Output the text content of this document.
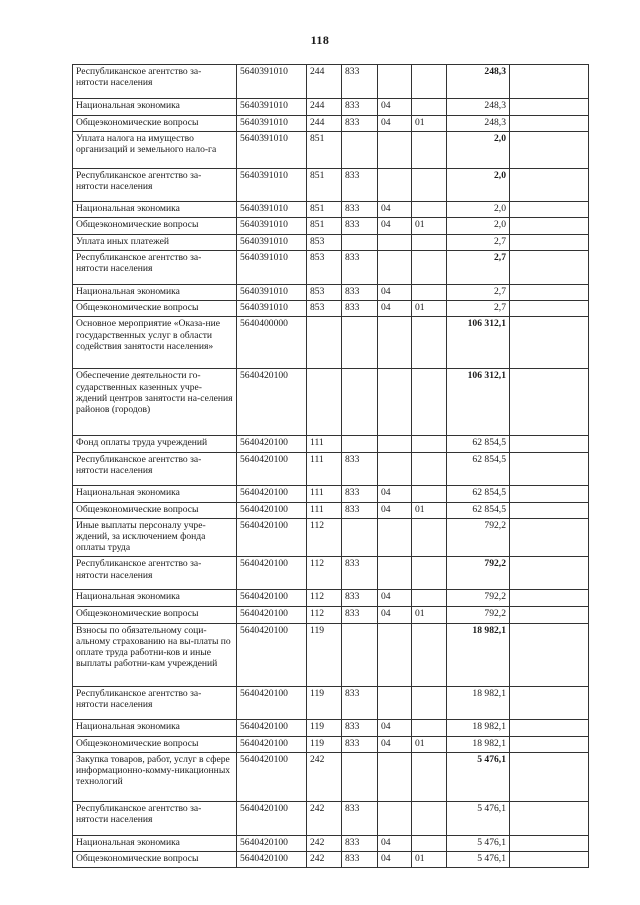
118
Республиканское агентство за-нятости населения	5640391010	244	833			248,3	
Национальная экономика	5640391010	244	833	04		248,3	
Общеэкономические вопросы	5640391010	244	833	04	01	248,3	
Уплата налога на имущество организаций и земельного нало-га	5640391010	851				2,0	
Республиканское агентство за-нятости населения	5640391010	851	833			2,0	
Национальная экономика	5640391010	851	833	04		2,0	
Общеэкономические вопросы	5640391010	851	833	04	01	2,0	
Уплата иных платежей	5640391010	853				2,7	
Республиканское агентство за-нятости населения	5640391010	853	833			2,7	
Национальная экономика	5640391010	853	833	04		2,7	
Общеэкономические вопросы	5640391010	853	833	04	01	2,7	
Основное мероприятие «Оказа-ние государственных услуг в области содействия занятости населения»	5640400000					106 312,1	
Обеспечение деятельности го-сударственных казенных учре-ждений центров занятости на-селения районов (городов)	5640420100					106 312,1	
Фонд оплаты труда учреждений	5640420100	111				62 854,5	
Республиканское агентство за-нятости населения	5640420100	111	833			62 854,5	
Национальная экономика	5640420100	111	833	04		62 854,5	
Общеэкономические вопросы	5640420100	111	833	04	01	62 854,5	
Иные выплаты персоналу учре-ждений, за исключением фонда оплаты труда	5640420100	112				792,2	
Республиканское агентство за-нятости населения	5640420100	112	833			792,2	
Национальная экономика	5640420100	112	833	04		792,2	
Общеэкономические вопросы	5640420100	112	833	04	01	792,2	
Взносы по обязательному соци-альному страхованию на вы-платы по оплате труда работни-ков и иные выплаты работни-кам учреждений	5640420100	119				18 982,1	
Республиканское агентство за-нятости населения	5640420100	119	833			18 982,1	
Национальная экономика	5640420100	119	833	04		18 982,1	
Общеэкономические вопросы	5640420100	119	833	04	01	18 982,1	
Закупка товаров, работ, услуг в сфере информационно-комму-никационных технологий	5640420100	242				5 476,1	
Республиканское агентство за-нятости населения	5640420100	242	833			5 476,1	
Национальная экономика	5640420100	242	833	04		5 476,1	
Общеэкономические вопросы	5640420100	242	833	04	01	5 476,1	
